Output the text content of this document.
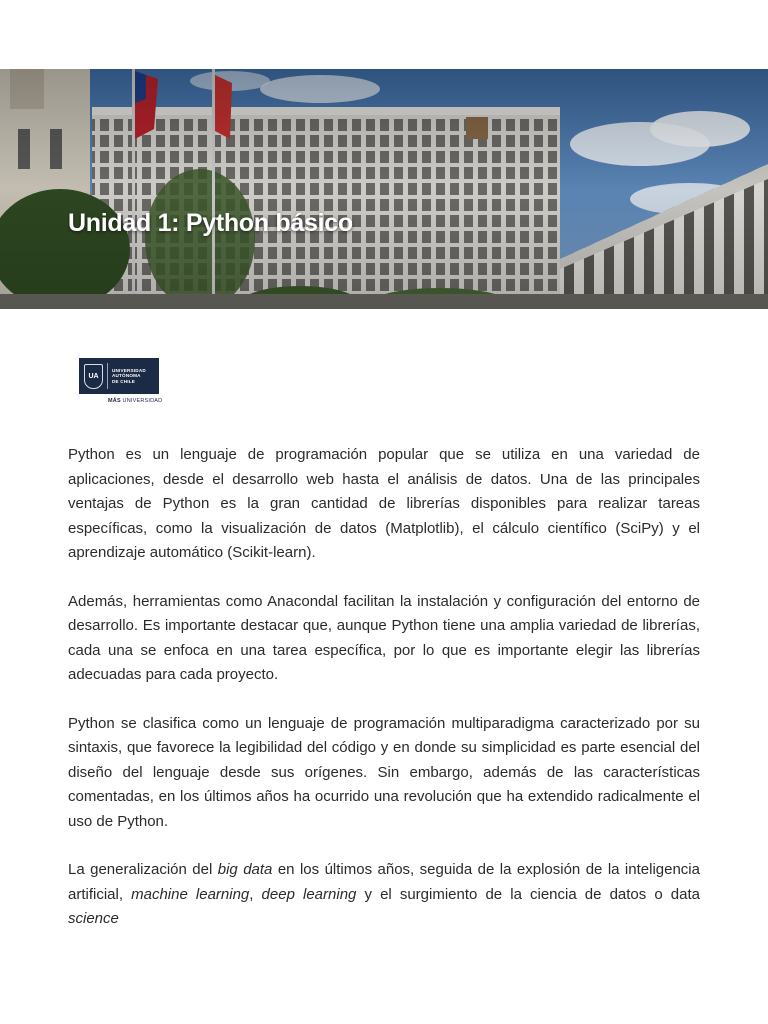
Unidad 1: Python básico
UA
UNIVERSIDAD
AUTÓNOMA
DE CHILE
MÁS UNIVERSIDAD

Python es un lenguaje de programación popular que se utiliza en una variedad de aplicaciones, desde el desarrollo web hasta el análisis de datos. Una de las principales ventajas de Python es la gran cantidad de librerías disponibles para realizar tareas específicas, como la visualización de datos (Matplotlib), el cálculo científico (SciPy) y el aprendizaje automático (Scikit-learn).

Además, herramientas como Anacondal facilitan la instalación y configuración del entorno de desarrollo. Es importante destacar que, aunque Python tiene una amplia variedad de librerías, cada una se enfoca en una tarea específica, por lo que es importante elegir las librerías adecuadas para cada proyecto.

Python se clasifica como un lenguaje de programación multiparadigma caracterizado por su sintaxis, que favorece la legibilidad del código y en donde su simplicidad es parte esencial del diseño del lenguaje desde sus orígenes. Sin embargo, además de las características comentadas, en los últimos años ha ocurrido una revolución que ha extendido radicalmente el uso de Python.

La generalización del big data en los últimos años, seguida de la explosión de la inteligencia artificial, machine learning, deep learning y el surgimiento de la ciencia de datos o data science
